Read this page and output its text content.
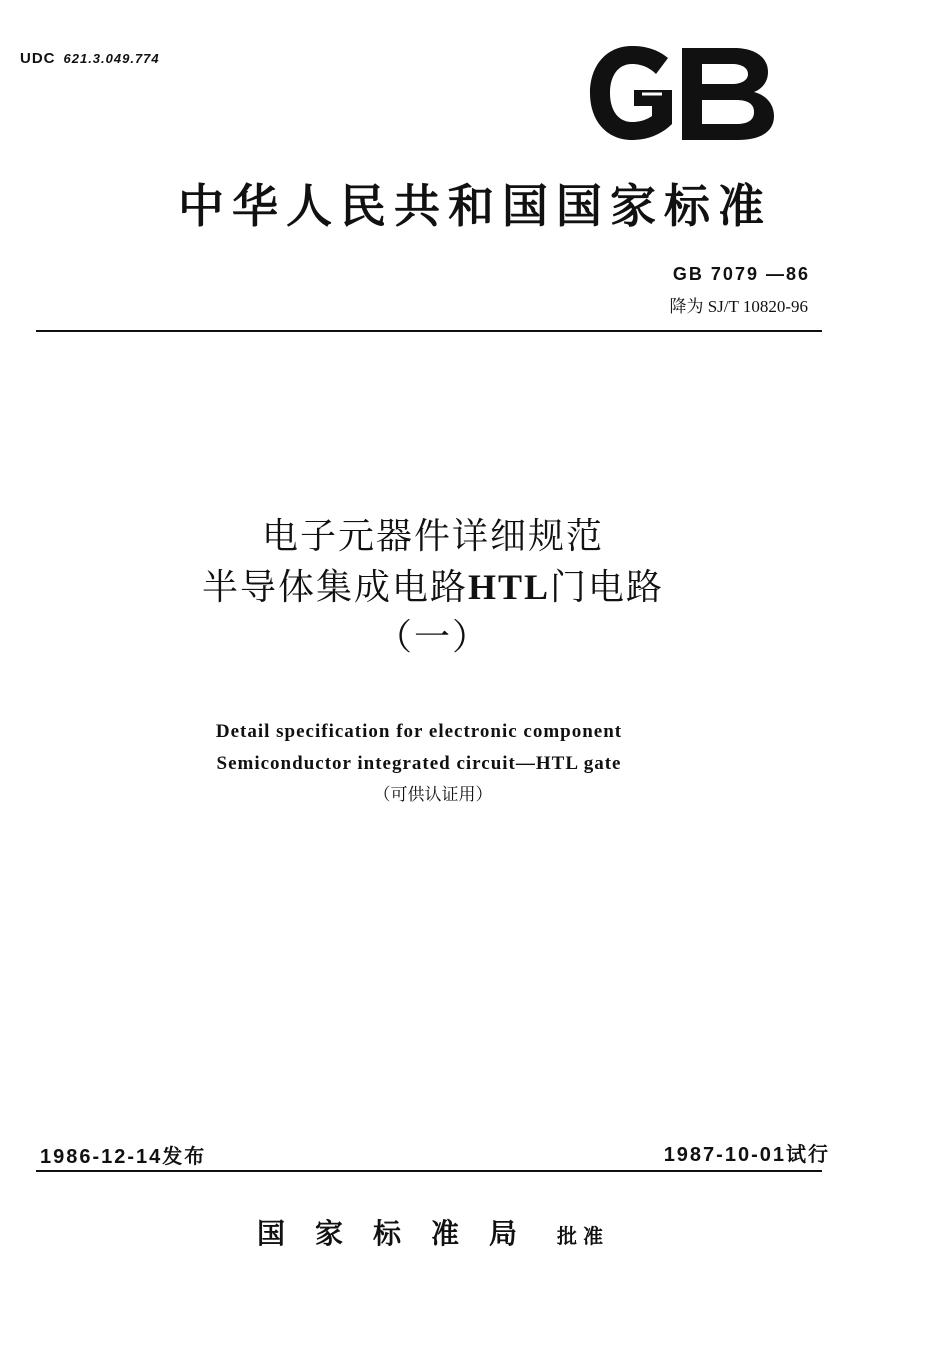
UDC 621.3.049.774
中华人民共和国国家标准
GB 7079 —86
降为 SJ/T 10820-96
电子元器件详细规范
半导体集成电路HTL门电路
（一）
Detail specification for electronic component
Semiconductor integrated circuit—HTL gate
（可供认证用）
1986-12-14发布	1987-10-01试行
国家标准局 批准
